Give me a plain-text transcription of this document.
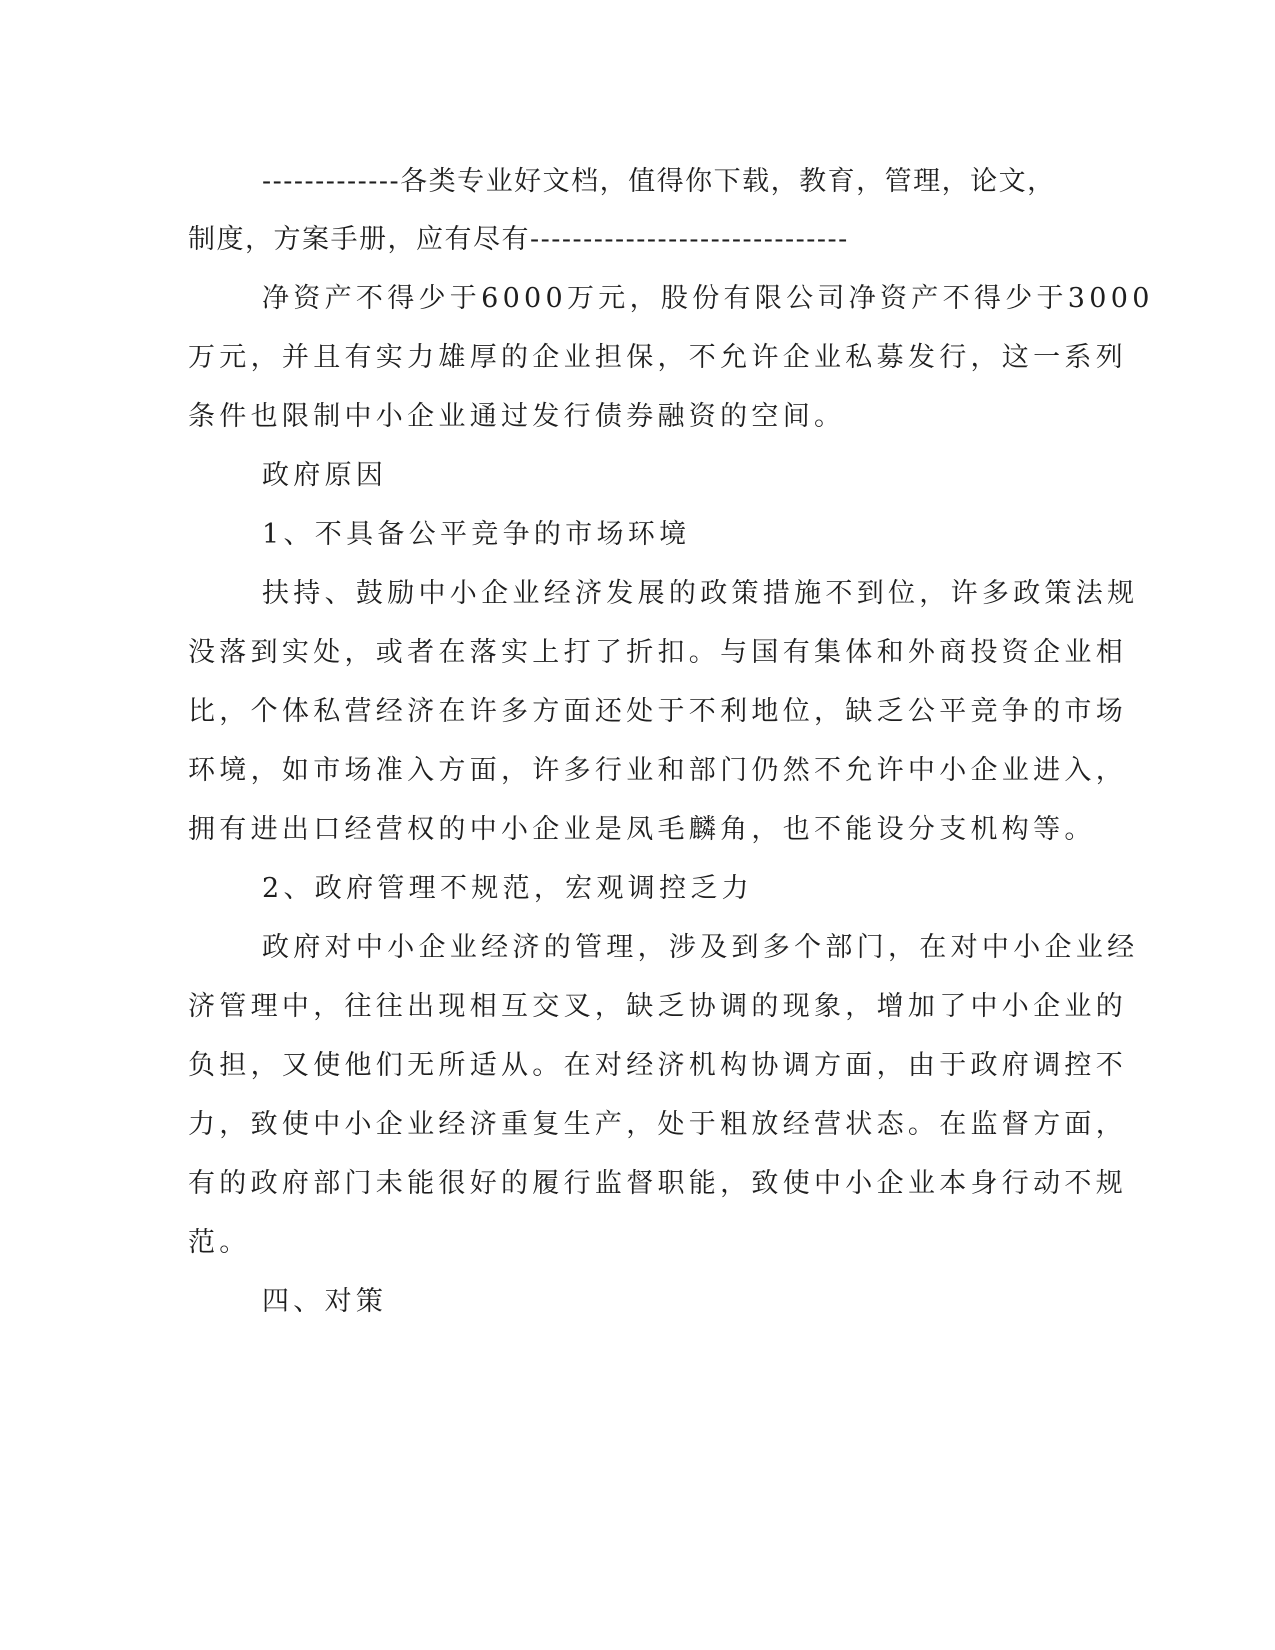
-------------各类专业好文档，值得你下载，教育，管理，论文，
制度，方案手册，应有尽有------------------------------
净资产不得少于6000万元，股份有限公司净资产不得少于3000
万元，并且有实力雄厚的企业担保，不允许企业私募发行，这一系列
条件也限制中小企业通过发行债券融资的空间。
政府原因
1、不具备公平竞争的市场环境
扶持、鼓励中小企业经济发展的政策措施不到位，许多政策法规
没落到实处，或者在落实上打了折扣。与国有集体和外商投资企业相
比，个体私营经济在许多方面还处于不利地位，缺乏公平竞争的市场
环境，如市场准入方面，许多行业和部门仍然不允许中小企业进入，
拥有进出口经营权的中小企业是凤毛麟角，也不能设分支机构等。
2、政府管理不规范，宏观调控乏力
政府对中小企业经济的管理，涉及到多个部门，在对中小企业经
济管理中，往往出现相互交叉，缺乏协调的现象，增加了中小企业的
负担，又使他们无所适从。在对经济机构协调方面，由于政府调控不
力，致使中小企业经济重复生产，处于粗放经营状态。在监督方面，
有的政府部门未能很好的履行监督职能，致使中小企业本身行动不规
范。
四、对策
